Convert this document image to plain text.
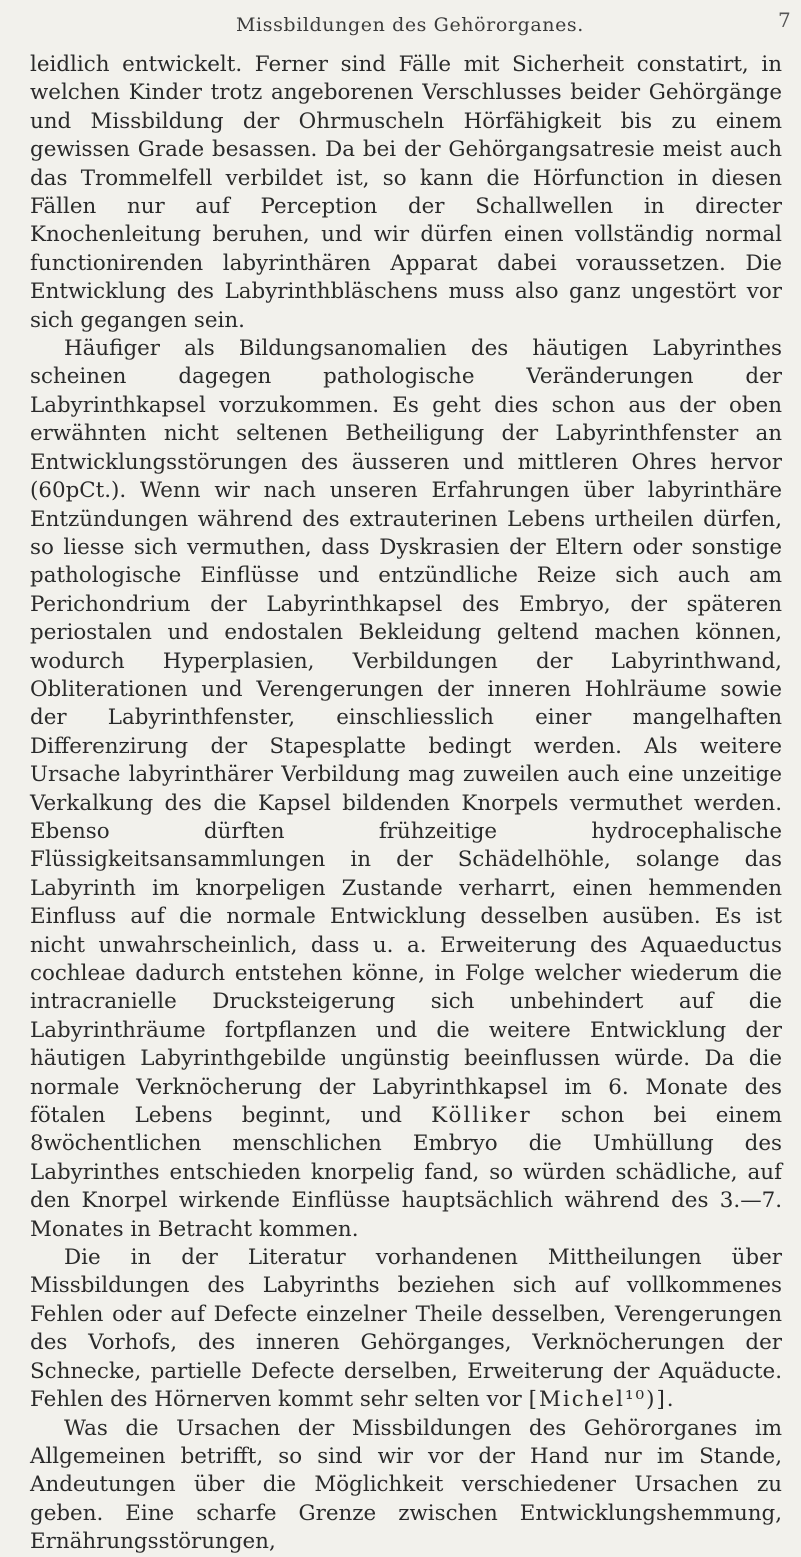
Missbildungen des Gehörorganes.	7

leidlich entwickelt. Ferner sind Fälle mit Sicherheit constatirt, in welchen Kinder trotz angeborenen Verschlusses beider Gehörgänge und Missbildung der Ohrmuscheln Hörfähigkeit bis zu einem gewissen Grade besassen. Da bei der Gehörgangsatresie meist auch das Trommelfell verbildet ist, so kann die Hörfunction in diesen Fällen nur auf Perception der Schallwellen in directer Knochenleitung beruhen, und wir dürfen einen vollständig normal functionirenden labyrinthären Apparat dabei voraussetzen. Die Entwicklung des Labyrinthbläschens muss also ganz ungestört vor sich gegangen sein.

Häufiger als Bildungsanomalien des häutigen Labyrinthes scheinen dagegen pathologische Veränderungen der Labyrinthkapsel vorzukommen. Es geht dies schon aus der oben erwähnten nicht seltenen Betheiligung der Labyrinthfenster an Entwicklungsstörungen des äusseren und mittleren Ohres hervor (60pCt.). Wenn wir nach unseren Erfahrungen über labyrinthäre Entzündungen während des extrauterinen Lebens urtheilen dürfen, so liesse sich vermuthen, dass Dyskrasien der Eltern oder sonstige pathologische Einflüsse und entzündliche Reize sich auch am Perichondrium der Labyrinthkapsel des Embryo, der späteren periostalen und endostalen Bekleidung geltend machen können, wodurch Hyperplasien, Verbildungen der Labyrinthwand, Obliterationen und Verengerungen der inneren Hohlräume sowie der Labyrinthfenster, einschliesslich einer mangelhaften Differenzirung der Stapesplatte bedingt werden. Als weitere Ursache labyrinthärer Verbildung mag zuweilen auch eine unzeitige Verkalkung des die Kapsel bildenden Knorpels vermuthet werden. Ebenso dürften frühzeitige hydrocephalische Flüssigkeitsansammlungen in der Schädelhöhle, solange das Labyrinth im knorpeligen Zustande verharrt, einen hemmenden Einfluss auf die normale Entwicklung desselben ausüben. Es ist nicht unwahrscheinlich, dass u. a. Erweiterung des Aquaeductus cochleae dadurch entstehen könne, in Folge welcher wiederum die intracranielle Drucksteigerung sich unbehindert auf die Labyrinthräume fortpflanzen und die weitere Entwicklung der häutigen Labyrinthgebilde ungünstig beeinflussen würde. Da die normale Verknöcherung der Labyrinthkapsel im 6. Monate des fötalen Lebens beginnt, und Kölliker schon bei einem 8wöchentlichen menschlichen Embryo die Umhüllung des Labyrinthes entschieden knorpelig fand, so würden schädliche, auf den Knorpel wirkende Einflüsse hauptsächlich während des 3.—7. Monates in Betracht kommen.

Die in der Literatur vorhandenen Mittheilungen über Missbildungen des Labyrinths beziehen sich auf vollkommenes Fehlen oder auf Defecte einzelner Theile desselben, Verengerungen des Vorhofs, des inneren Gehörganges, Verknöcherungen der Schnecke, partielle Defecte derselben, Erweiterung der Aquäducte. Fehlen des Hörnerven kommt sehr selten vor [Michel¹⁰)].

Was die Ursachen der Missbildungen des Gehörorganes im Allgemeinen betrifft, so sind wir vor der Hand nur im Stande, Andeutungen über die Möglichkeit verschiedener Ursachen zu geben. Eine scharfe Grenze zwischen Entwicklungshemmung, Ernährungsstörungen,
